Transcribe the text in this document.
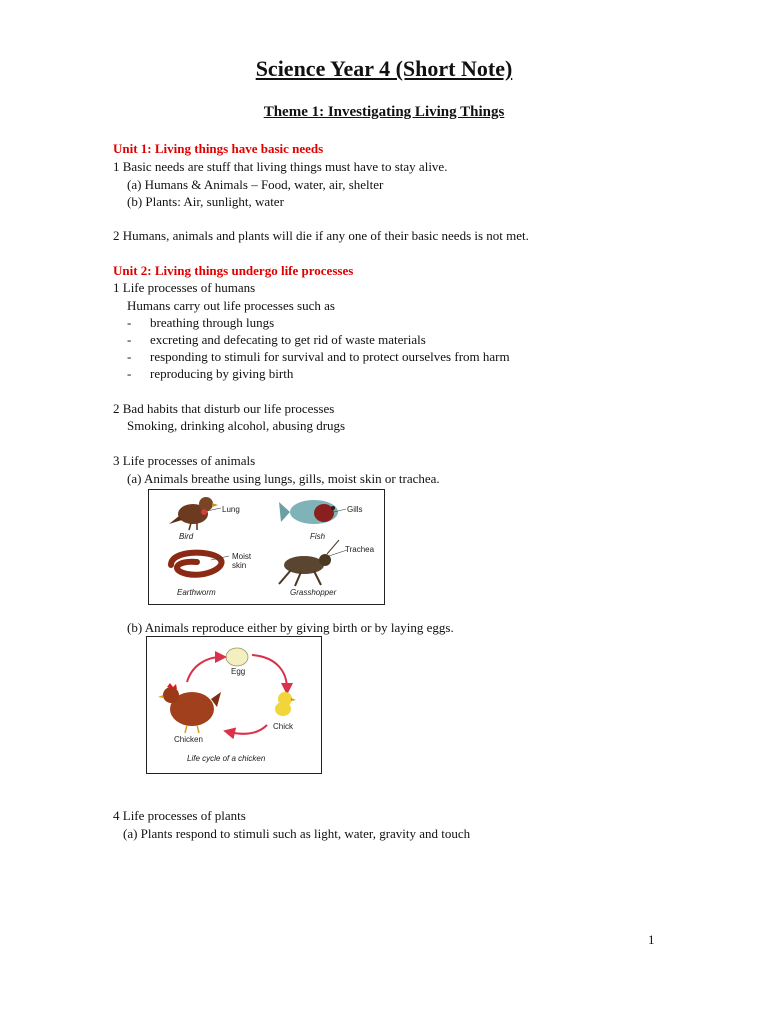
Science Year 4 (Short Note)
Theme 1: Investigating Living Things
Unit 1: Living things have basic needs
1 Basic needs are stuff that living things must have to stay alive.
(a) Humans & Animals – Food, water, air, shelter
(b) Plants: Air, sunlight, water
2 Humans, animals and plants will die if any one of their basic needs is not met.
Unit 2: Living things undergo life processes
1 Life processes of humans
Humans carry out life processes such as
- breathing through lungs
- excreting and defecating to get rid of waste materials
- responding to stimuli for survival and to protect ourselves from harm
- reproducing by giving birth
2 Bad habits that disturb our life processes
Smoking, drinking alcohol, abusing drugs
3 Life processes of animals
(a) Animals breathe using lungs, gills, moist skin or trachea.
Lung
Bird
Gills
Fish
Moist
skin
Earthworm
Trachea
Grasshopper
(b) Animals reproduce either by giving birth or by laying eggs.
Egg
Chick
Chicken
Life cycle of a chicken
4 Life processes of plants
(a) Plants respond to stimuli such as light, water, gravity and touch
1
